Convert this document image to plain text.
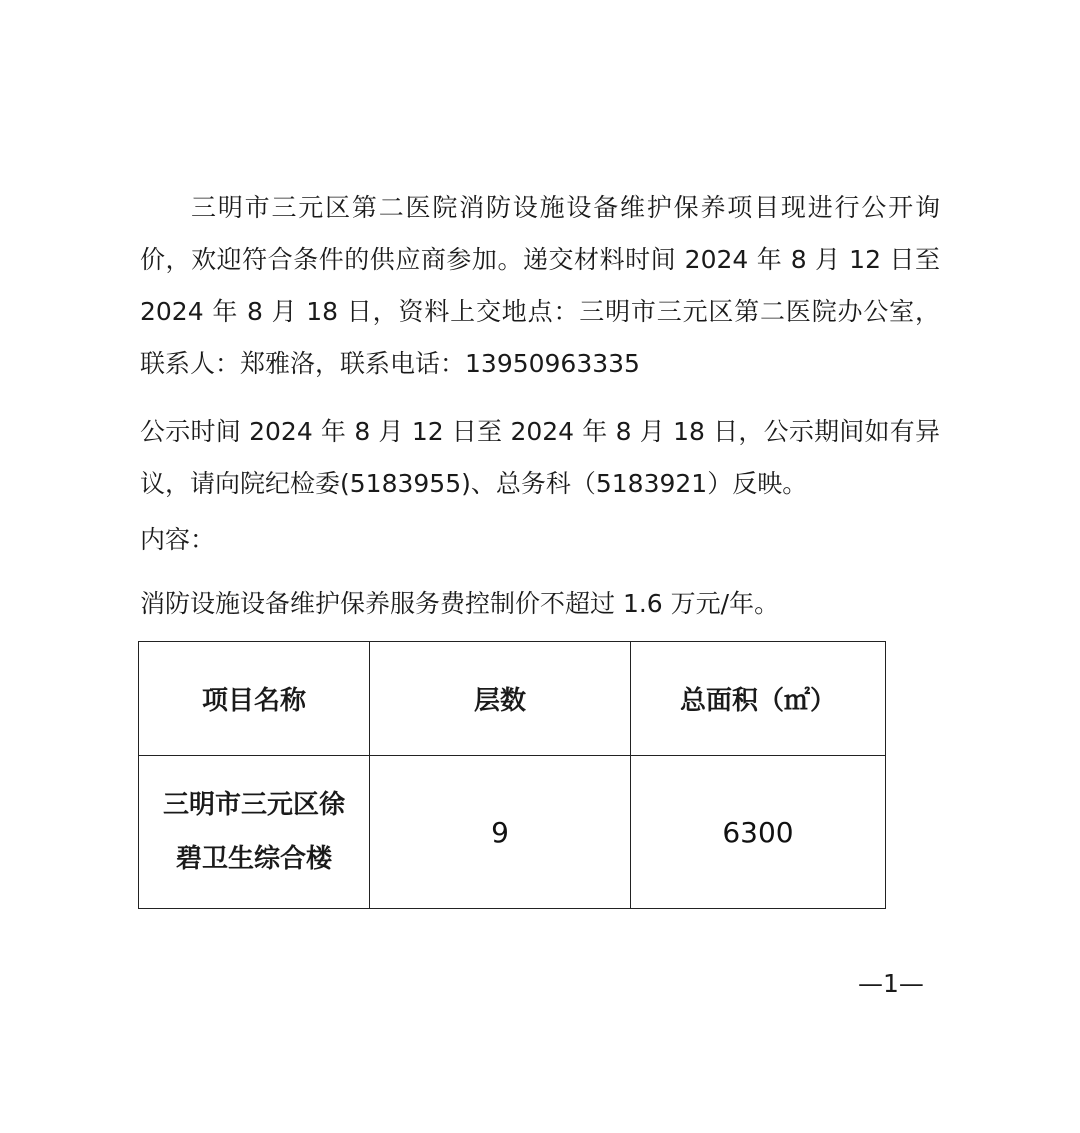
三明市三元区第二医院消防设施设备维护保养项目现进行公开询价，欢迎符合条件的供应商参加。递交材料时间 2024 年 8 月 12 日至 2024 年 8 月 18 日，资料上交地点：三明市三元区第二医院办公室，联系人：郑雅洛，联系电话：13950963335

公示时间 2024 年 8 月 12 日至 2024 年 8 月 18 日，公示期间如有异议，请向院纪检委(5183955)、总务科（5183921）反映。

内容：

消防设施设备维护保养服务费控制价不超过 1.6 万元/年。

项目名称	层数	总面积（㎡）
三明市三元区徐碧卫生综合楼	9	6300
—1—
